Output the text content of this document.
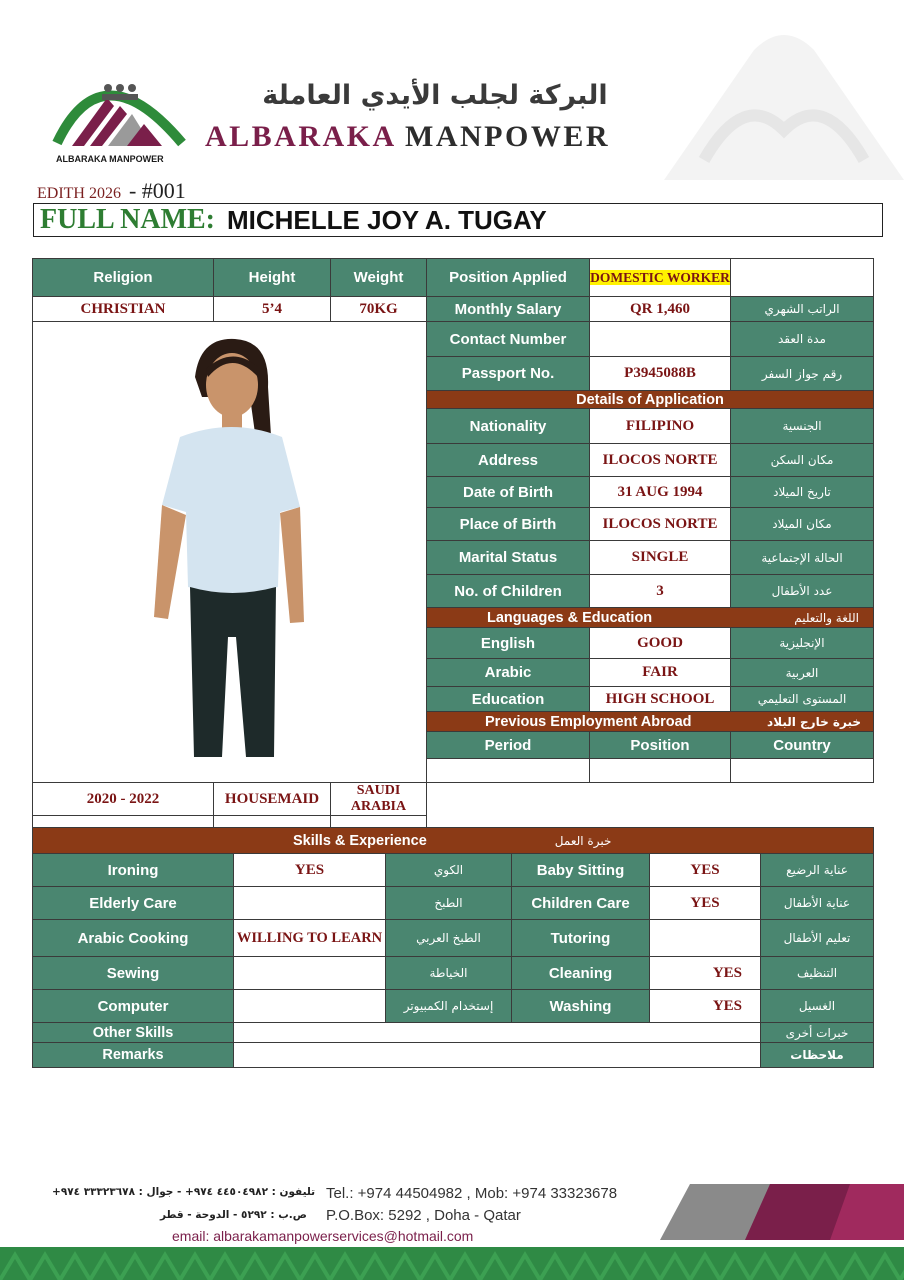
ALBARAKA MANPOWER
البركة لجلب الأيدي العاملة
ALBARAKA MANPOWER
EDITH 2026 - #001
FULL NAME: MICHELLE JOY A. TUGAY
Religion	Height	Weight	Position Applied	DOMESTIC WORKER	
CHRISTIAN	5’4	70KG	Monthly Salary	QR 1,460	الراتب الشهري

	Contact Number		مدة العقد
			Passport No.	P3945088B	رقم جواز السفر
			Details of Application		
			Nationality	FILIPINO	الجنسية
			Address	ILOCOS NORTE	مكان السكن
			Date of Birth	31 AUG 1994	تاريخ الميلاد
			Place of Birth	ILOCOS NORTE	مكان الميلاد
			Marital Status	SINGLE	الحالة الإجتماعية
			No. of Children	3	عدد الأطفال

			Languages & Education اللغة والتعليم		

			English	GOOD	الإنجليزية
			Arabic	FAIR	العربية
			Education	HIGH SCHOOL	المستوى التعليمي

			Previous Employment Abroad خبرة خارج البلاد		

			Period	Position	Country

2020 - 2022	HOUSEMAID	SAUDI ARABIA			

Skills & Experience خبرة العمل					

Ironing	YES	الكوي	Baby Sitting	YES	عناية الرضيع
Elderly Care		الطبخ	Children Care	YES	عناية الأطفال
Arabic Cooking	WILLING TO LEARN	الطبخ العربي	Tutoring		تعليم الأطفال
Sewing		الخياطة	Cleaning	YES	التنظيف
Computer		إستخدام الكمبيوتر	Washing	YES	الغسيل
Other Skills					خبرات أخرى
Remarks					ملاحظات
تليفون : ٤٤٥٠٤٩٨٢ ٩٧٤+ - جوال : ٣٣٣٢٣٦٧٨ ٩٧٤+
ص.ب : ٥٢٩٢ - الدوحة - قطر
Tel.: +974 44504982 , Mob: +974 33323678
P.O.Box: 5292 , Doha - Qatar
email: albarakamanpowerservices@hotmail.com
